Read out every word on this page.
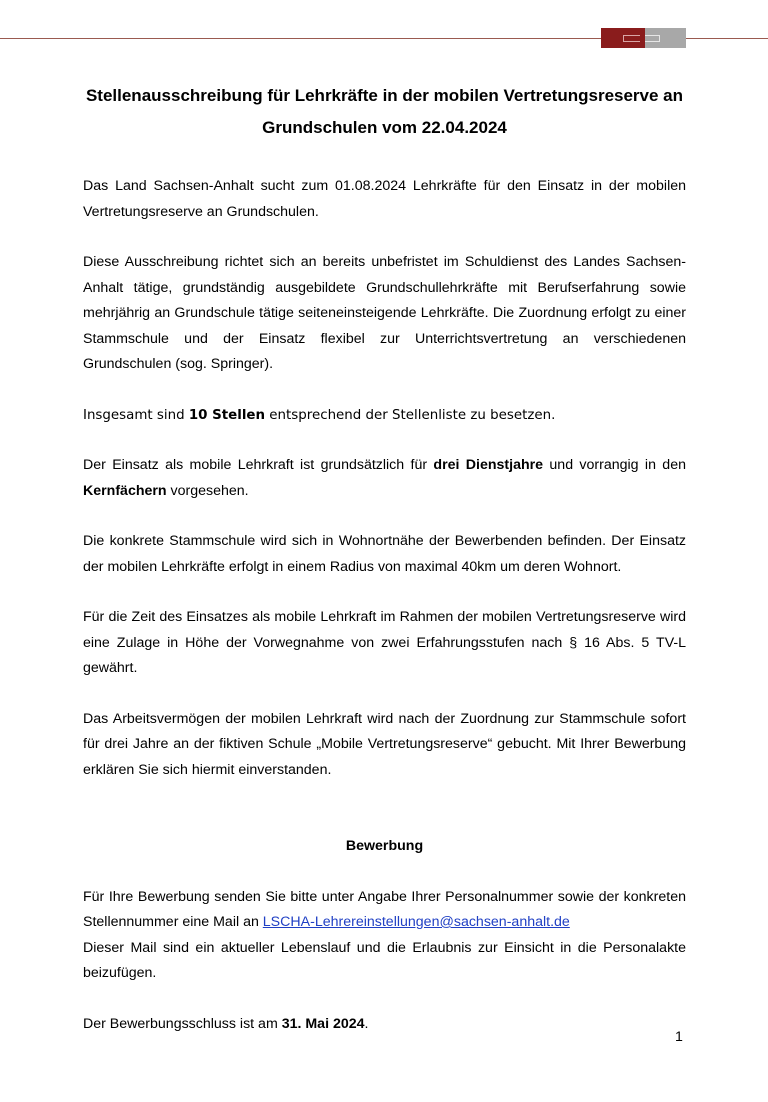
Stellenausschreibung für Lehrkräfte in der mobilen Vertretungsreserve an Grundschulen vom 22.04.2024

Das Land Sachsen-Anhalt sucht zum 01.08.2024 Lehrkräfte für den Einsatz in der mobilen Vertretungsreserve an Grundschulen.

Diese Ausschreibung richtet sich an bereits unbefristet im Schuldienst des Landes Sachsen-Anhalt tätige, grundständig ausgebildete Grundschullehrkräfte mit Berufserfahrung sowie mehrjährig an Grundschule tätige seiteneinsteigende Lehrkräfte. Die Zuordnung erfolgt zu einer Stammschule und der Einsatz flexibel zur Unterrichtsvertretung an verschiedenen Grundschulen (sog. Springer).

Insgesamt sind 10 Stellen entsprechend der Stellenliste zu besetzen.

Der Einsatz als mobile Lehrkraft ist grundsätzlich für drei Dienstjahre und vorrangig in den Kernfächern vorgesehen.

Die konkrete Stammschule wird sich in Wohnortnähe der Bewerbenden befinden. Der Einsatz der mobilen Lehrkräfte erfolgt in einem Radius von maximal 40km um deren Wohnort.

Für die Zeit des Einsatzes als mobile Lehrkraft im Rahmen der mobilen Vertretungsreserve wird eine Zulage in Höhe der Vorwegnahme von zwei Erfahrungsstufen nach § 16 Abs. 5 TV-L gewährt.

Das Arbeitsvermögen der mobilen Lehrkraft wird nach der Zuordnung zur Stammschule sofort für drei Jahre an der fiktiven Schule „Mobile Vertretungsreserve“ gebucht. Mit Ihrer Bewerbung erklären Sie sich hiermit einverstanden.

Bewerbung

Für Ihre Bewerbung senden Sie bitte unter Angabe Ihrer Personalnummer sowie der konkreten Stellennummer eine Mail an LSCHA-Lehrereinstellungen@sachsen-anhalt.de
Dieser Mail sind ein aktueller Lebenslauf und die Erlaubnis zur Einsicht in die Personalakte beizufügen.

Der Bewerbungsschluss ist am 31. Mai 2024.

1
